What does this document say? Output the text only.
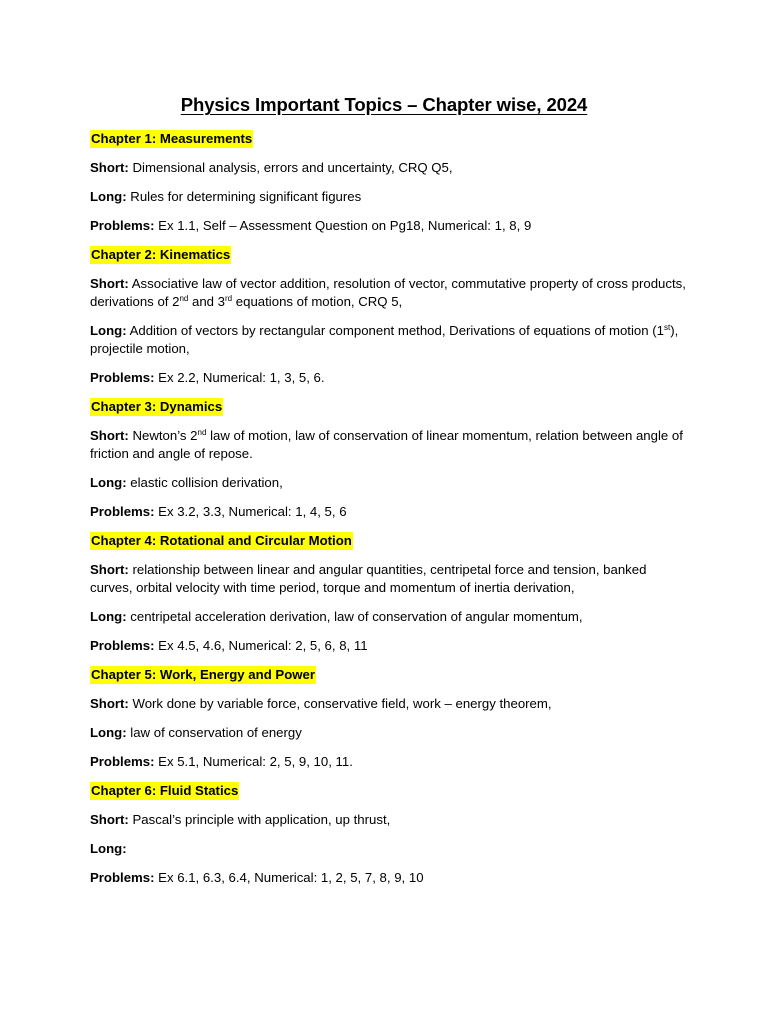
Physics Important Topics – Chapter wise, 2024
Chapter 1: Measurements
Short: Dimensional analysis, errors and uncertainty, CRQ Q5,
Long: Rules for determining significant figures
Problems: Ex 1.1, Self – Assessment Question on Pg18, Numerical: 1, 8, 9
Chapter 2: Kinematics
Short: Associative law of vector addition, resolution of vector, commutative property of cross products, derivations of 2nd and 3rd equations of motion, CRQ 5,
Long: Addition of vectors by rectangular component method, Derivations of equations of motion (1st), projectile motion,
Problems: Ex 2.2, Numerical: 1, 3, 5, 6.
Chapter 3: Dynamics
Short: Newton’s 2nd law of motion, law of conservation of linear momentum, relation between angle of friction and angle of repose.
Long: elastic collision derivation,
Problems: Ex 3.2, 3.3, Numerical: 1, 4, 5, 6
Chapter 4: Rotational and Circular Motion
Short: relationship between linear and angular quantities, centripetal force and tension, banked curves, orbital velocity with time period, torque and momentum of inertia derivation,
Long: centripetal acceleration derivation, law of conservation of angular momentum,
Problems: Ex 4.5, 4.6, Numerical: 2, 5, 6, 8, 11
Chapter 5: Work, Energy and Power
Short: Work done by variable force, conservative field, work – energy theorem,
Long: law of conservation of energy
Problems: Ex 5.1, Numerical: 2, 5, 9, 10, 11.
Chapter 6: Fluid Statics
Short: Pascal’s principle with application, up thrust,
Long:
Problems: Ex 6.1, 6.3, 6.4, Numerical: 1, 2, 5, 7, 8, 9, 10
